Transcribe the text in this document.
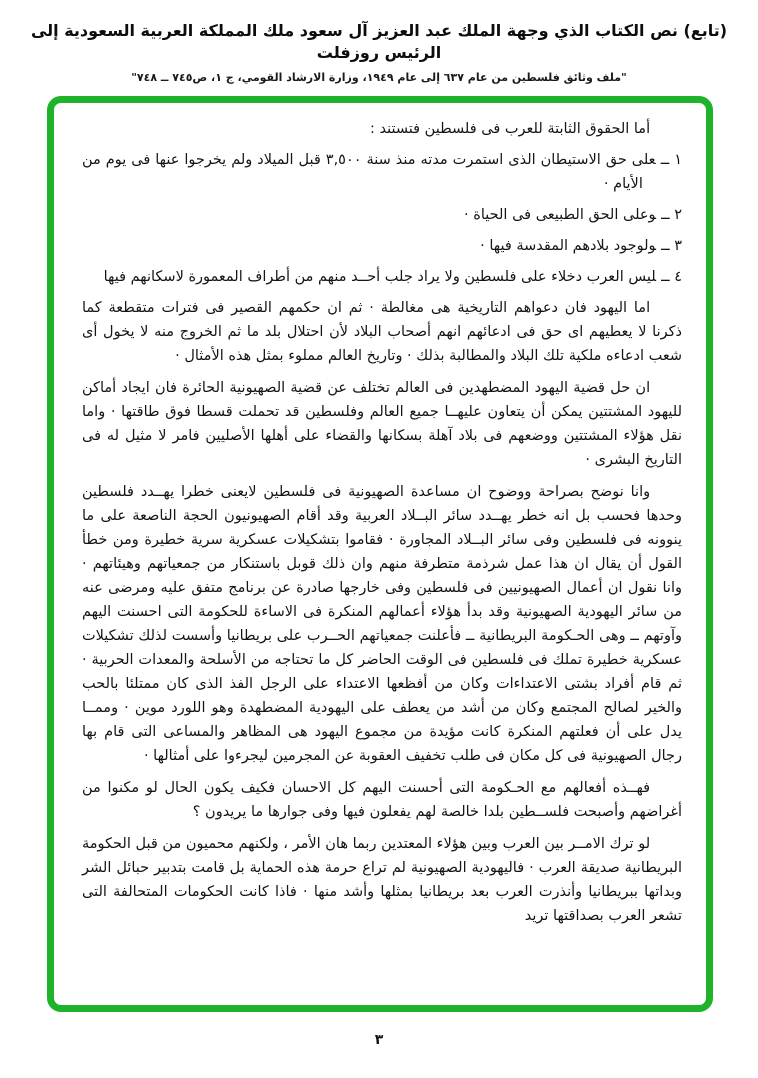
(تابع) نص الكتاب الذي وجهة الملك عبد العزيز آل سعود ملك المملكة العربية السعودية إلى الرئيس روزفلت
"ملف وثائق فلسطين من عام ٦٣٧ إلى عام ١٩٤٩، وزارة الارشاد القومي، ج ١، ص٧٤٥ ــ ٧٤٨"

أما الحقوق الثابتة للعرب فى فلسطين فتستند :

١ ــعلى حق الاستيطان الذى استمرت مدته منذ سنة ٣,٥٠٠ قبل الميلاد ولم يخرجوا عنها فى يوم من الأيام ·

٢ ــوعلى الحق الطبيعى فى الحياة ·

٣ ــولوجود بلادهم المقدسة فيها ·

٤ ــليس العرب دخلاء على فلسطين ولا يراد جلب أحــد منهم من أطراف المعمورة لاسكانهم فيها

اما اليهود فان دعواهم التاريخية هى مغالطة · ثم ان حكمهم القصير فى فترات متقطعة كما ذكرنا لا يعطيهم اى حق فى ادعائهم انهم أصحاب البلاد لأن احتلال بلد ما ثم الخروج منه لا يخول أى شعب ادعاءه ملكية تلك البلاد والمطالبة بذلك · وتاريخ العالم مملوء بمثل هذه الأمثال ·

ان حل قضية اليهود المضطهدين فى العالم تختلف عن قضية الصهيونية الحائرة فان ايجاد أماكن لليهود المشتتين يمكن أن يتعاون عليهــا جميع العالم وفلسطين قد تحملت قسطا فوق طاقتها · واما نقل هؤلاء المشتتين ووضعهم فى بلاد آهلة بسكانها والقضاء على أهلها الأصليين فامر لا مثيل له فى التاريخ البشرى ·

وانا نوضح بصراحة ووضوح ان مساعدة الصهيونية فى فلسطين لايعنى خطرا يهــدد فلسطين وحدها فحسب بل انه خطر يهــدد سائر البــلاد العربية وقد أقام الصهيونيون الحجة الناصعة على ما ينوونه فى فلسطين وفى سائر البــلاد المجاورة · فقاموا بتشكيلات عسكرية سرية خطيرة ومن خطأ القول أن يقال ان هذا عمل شرذمة متطرفة منهم وان ذلك قوبل باستنكار من جمعياتهم وهيئاتهم · وانا نقول ان أعمال الصهيونيين فى فلسطين وفى خارجها صادرة عن برنامج متفق عليه ومرضى عنه من سائر اليهودية الصهيونية وقد بدأ هؤلاء أعمالهم المنكرة فى الاساءة للحكومة التى احسنت اليهم وآوتهم ــ وهى الحـكومة البريطانية ــ فأعلنت جمعياتهم الحــرب على بريطانيا وأسست لذلك تشكيلات عسكرية خطيرة تملك فى فلسطين فى الوقت الحاضر كل ما تحتاجه من الأسلحة والمعدات الحربية · ثم قام أفراد بشتى الاعتداءات وكان من أفظعها الاعتداء على الرجل الفذ الذى كان ممتلئا بالحب والخير لصالح المجتمع وكان من أشد من يعطف على اليهودية المضطهدة وهو اللورد موين · وممــا يدل على أن فعلتهم المنكرة كانت مؤيدة من مجموع اليهود هى المظاهر والمساعى التى قام بها رجال الصهيونية فى كل مكان فى طلب تخفيف العقوبة عن المجرمين ليجرءوا على أمثالها ·

فهــذه أفعالهم مع الحـكومة التى أحسنت اليهم كل الاحسان فكيف يكون الحال لو مكنوا من أغراضهم وأصبحت فلســطين بلدا خالصة لهم يفعلون فيها وفى جوارها ما يريدون ؟

لو ترك الامــر بين العرب وبين هؤلاء المعتدين ربما هان الأمر ، ولكنهم محميون من قبل الحكومة البريطانية صديقة العرب · فاليهودية الصهيونية لم تراع حرمة هذه الحماية بل قامت بتدبير حبائل الشر وبداتها ببريطانيا وأنذرت العرب بعد بريطانيا بمثلها وأشد منها · فاذا كانت الحكومات المتحالفة التى تشعر العرب بصداقتها تريد

٣
